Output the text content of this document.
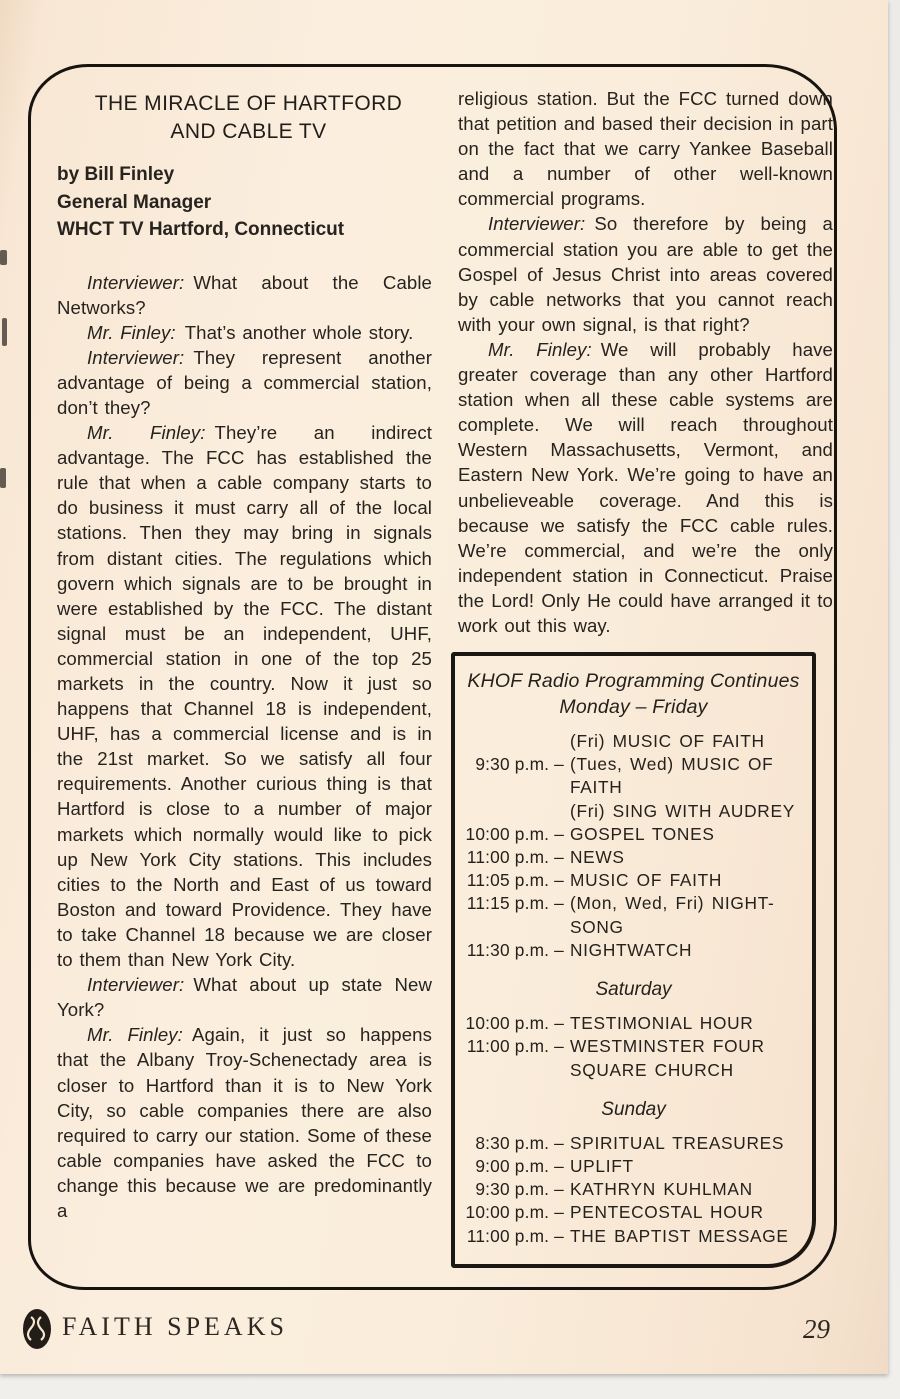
THE MIRACLE OF HARTFORD
AND CABLE TV
by Bill Finley
General Manager
WHCT TV Hartford, Connecticut

Interviewer: What about the Cable Networks?

Mr. Finley: That’s another whole story.

Interviewer: They represent another advantage of being a commercial station, don’t they?

Mr. Finley: They’re an indirect advantage. The FCC has established the rule that when a cable company starts to do business it must carry all of the local stations. Then they may bring in signals from distant cities. The regulations which govern which signals are to be brought in were established by the FCC. The distant signal must be an independent, UHF, commercial station in one of the top 25 markets in the country. Now it just so happens that Channel 18 is independent, UHF, has a commercial license and is in the 21st market. So we satisfy all four requirements. Another curious thing is that Hartford is close to a number of major markets which normally would like to pick up New York City stations. This includes cities to the North and East of us toward Boston and toward Providence. They have to take Channel 18 because we are closer to them than New York City.

Interviewer: What about up state New York?

Mr. Finley: Again, it just so happens that the Albany Troy-Schenectady area is closer to Hartford than it is to New York City, so cable companies there are also required to carry our station. Some of these cable companies have asked the FCC to change this because we are predominantly a

religious station. But the FCC turned down that petition and based their decision in part on the fact that we carry Yankee Baseball and a number of other well-known commercial programs.

Interviewer: So therefore by being a commercial station you are able to get the Gospel of Jesus Christ into areas covered by cable networks that you cannot reach with your own signal, is that right?

Mr. Finley: We will probably have greater coverage than any other Hartford station when all these cable systems are complete. We will reach throughout Western Massachusetts, Vermont, and Eastern New York. We’re going to have an unbelieveable coverage. And this is because we satisfy the FCC cable rules. We’re commercial, and we’re the only independent station in Connecticut. Praise the Lord! Only He could have arranged it to work out this way.

KHOF Radio Programming Continues
Monday – Friday
(Fri) MUSIC OF FAITH
9:30 p.m. – (Tues, Wed) MUSIC OF
FAITH
(Fri) SING WITH AUDREY
10:00 p.m. – GOSPEL TONES
11:00 p.m. – NEWS
11:05 p.m. – MUSIC OF FAITH
11:15 p.m. – (Mon, Wed, Fri) NIGHT-
SONG
11:30 p.m. – NIGHTWATCH
Saturday
10:00 p.m. – TESTIMONIAL HOUR
11:00 p.m. – WESTMINSTER FOUR
SQUARE CHURCH
Sunday
8:30 p.m. – SPIRITUAL TREASURES
9:00 p.m. – UPLIFT
9:30 p.m. – KATHRYN KUHLMAN
10:00 p.m. – PENTECOSTAL HOUR
11:00 p.m. – THE BAPTIST MESSAGE
FAITH SPEAKS	29
